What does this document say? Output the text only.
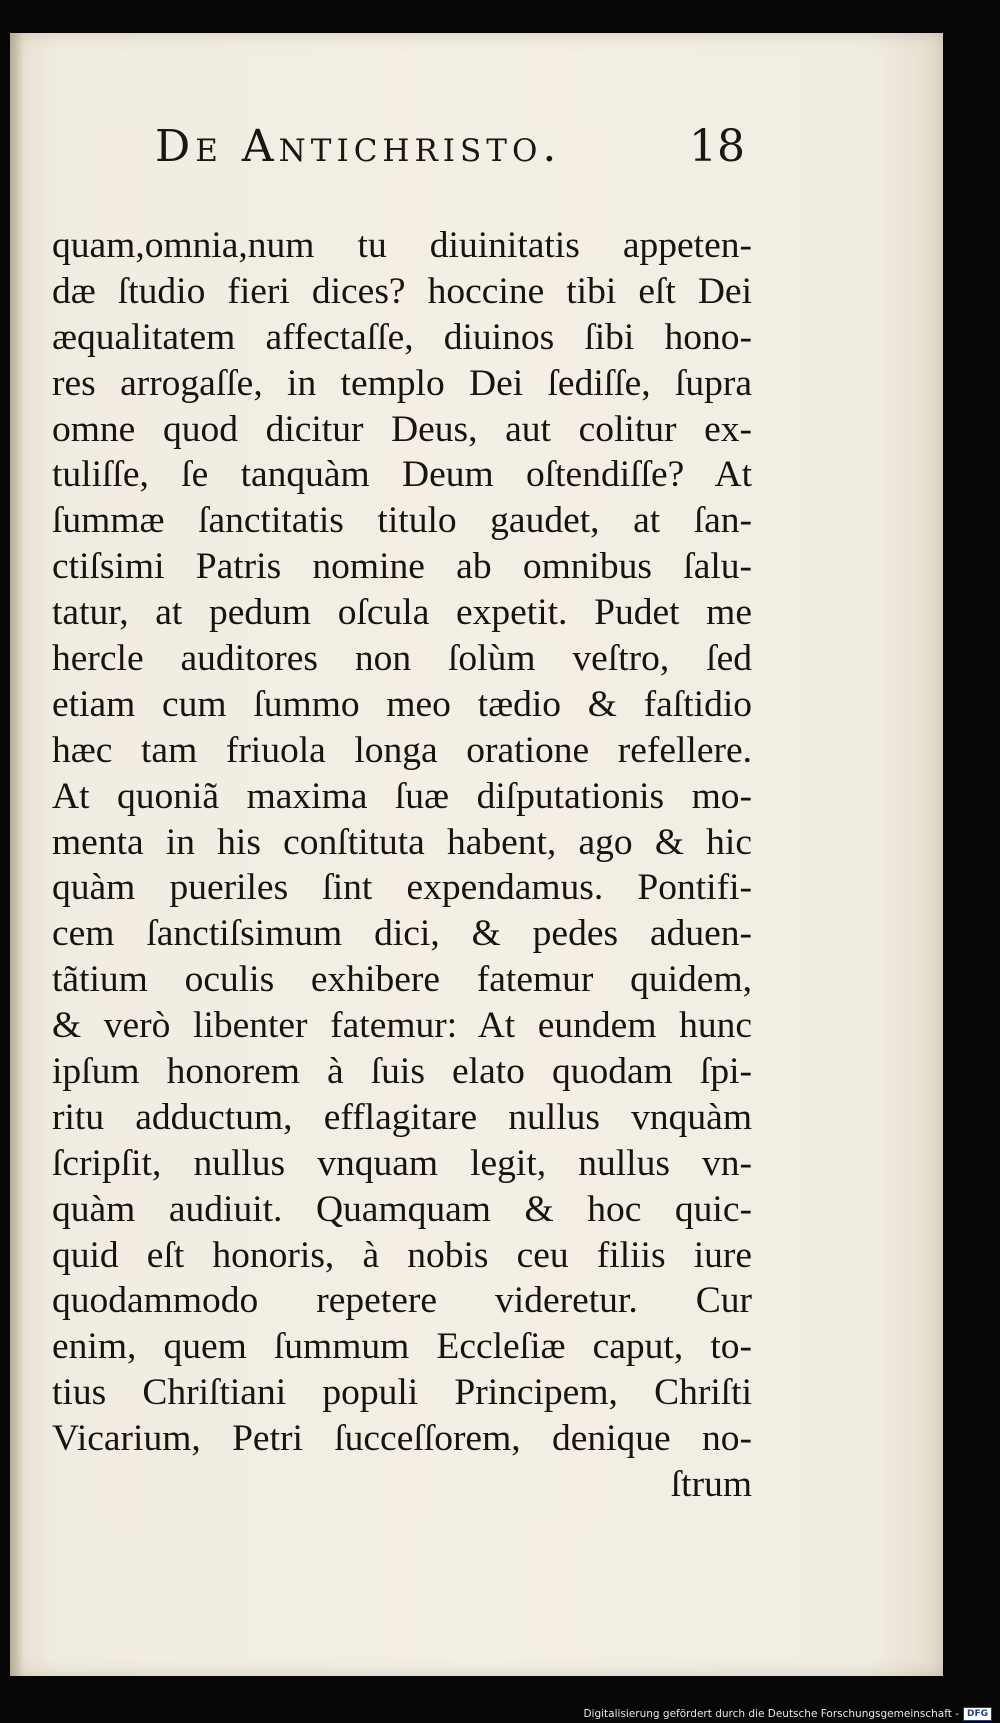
De Antichristo.	18
quam,omnia,num tu diuinitatis appeten-
dæ ſtudio fieri dices? hoccine tibi eſt Dei
æqualitatem affectaſſe, diuinos ſibi hono-
res arrogaſſe, in templo Dei ſediſſe, ſupra
omne quod dicitur Deus, aut colitur ex-
tuliſſe, ſe tanquàm Deum oſtendiſſe? At
ſummæ ſanctitatis titulo gaudet, at ſan-
ctiſsimi Patris nomine ab omnibus ſalu-
tatur, at pedum oſcula expetit. Pudet me
hercle auditores non ſolùm veſtro, ſed
etiam cum ſummo meo tædio & faſtidio
hæc tam friuola longa oratione refellere.
At quoniã maxima ſuæ diſputationis mo-
menta in his conſtituta habent, ago & hic
quàm pueriles ſint expendamus. Pontifi-
cem ſanctiſsimum dici, & pedes aduen-
tãtium oculis exhibere fatemur quidem,
& verò libenter fatemur: At eundem hunc
ipſum honorem à ſuis elato quodam ſpi-
ritu adductum, efflagitare nullus vnquàm
ſcripſit, nullus vnquam legit, nullus vn-
quàm audiuit. Quamquam & hoc quic-
quid eſt honoris, à nobis ceu filiis iure
quodammodo repetere videretur. Cur
enim, quem ſummum Eccleſiæ caput, to-
tius Chriſtiani populi Principem, Chriſti
Vicarium, Petri ſucceſſorem, denique no-
ſtrum
Digitalisierung gefördert durch die Deutsche Forschungsgemeinschaft - DFG
